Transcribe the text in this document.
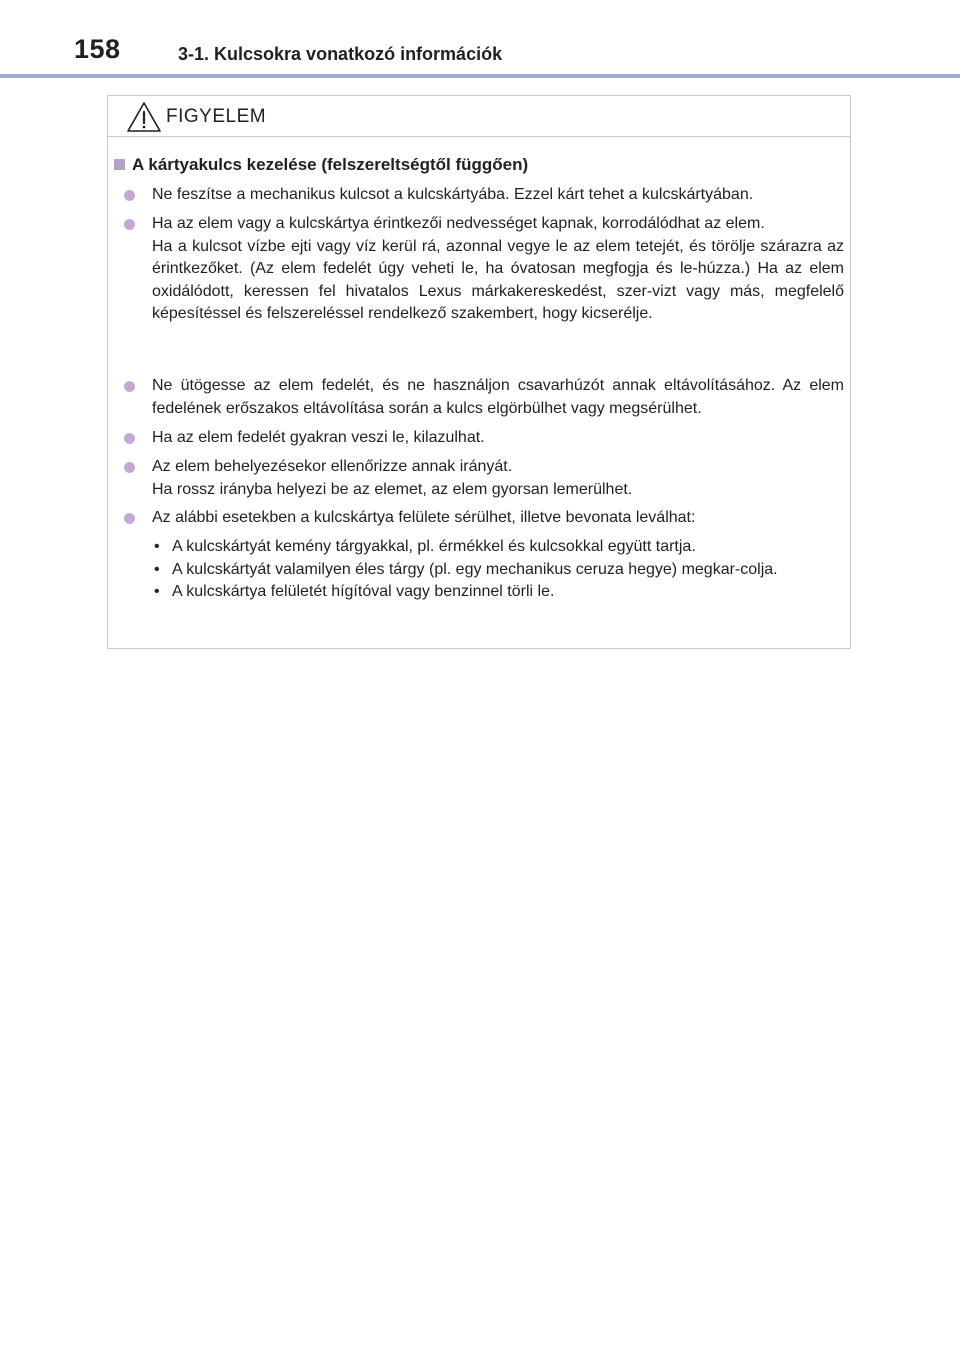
158	3-1. Kulcsokra vonatkozó információk
FIGYELEM
A kártyakulcs kezelése (felszereltségtől függően)
Ne feszítse a mechanikus kulcsot a kulcskártyába. Ezzel kárt tehet a kulcskártyában.
Ha az elem vagy a kulcskártya érintkezői nedvességet kapnak, korrodálódhat az elem.
Ha a kulcsot vízbe ejti vagy víz kerül rá, azonnal vegye le az elem tetejét, és törölje szárazra az érintkezőket. (Az elem fedelét úgy veheti le, ha óvatosan megfogja és le-húzza.) Ha az elem oxidálódott, keressen fel hivatalos Lexus márkakereskedést, szer-vizt vagy más, megfelelő képesítéssel és felszereléssel rendelkező szakembert, hogy kicserélje.
Ne ütögesse az elem fedelét, és ne használjon csavarhúzót annak eltávolításához. Az elem fedelének erőszakos eltávolítása során a kulcs elgörbülhet vagy megsérülhet.
Ha az elem fedelét gyakran veszi le, kilazulhat.
Az elem behelyezésekor ellenőrizze annak irányát.
Ha rossz irányba helyezi be az elemet, az elem gyorsan lemerülhet.
Az alábbi esetekben a kulcskártya felülete sérülhet, illetve bevonata leválhat:
• A kulcskártyát kemény tárgyakkal, pl. érmékkel és kulcsokkal együtt tartja.
• A kulcskártyát valamilyen éles tárgy (pl. egy mechanikus ceruza hegye) megkar-colja.
• A kulcskártya felületét hígítóval vagy benzinnel törli le.
